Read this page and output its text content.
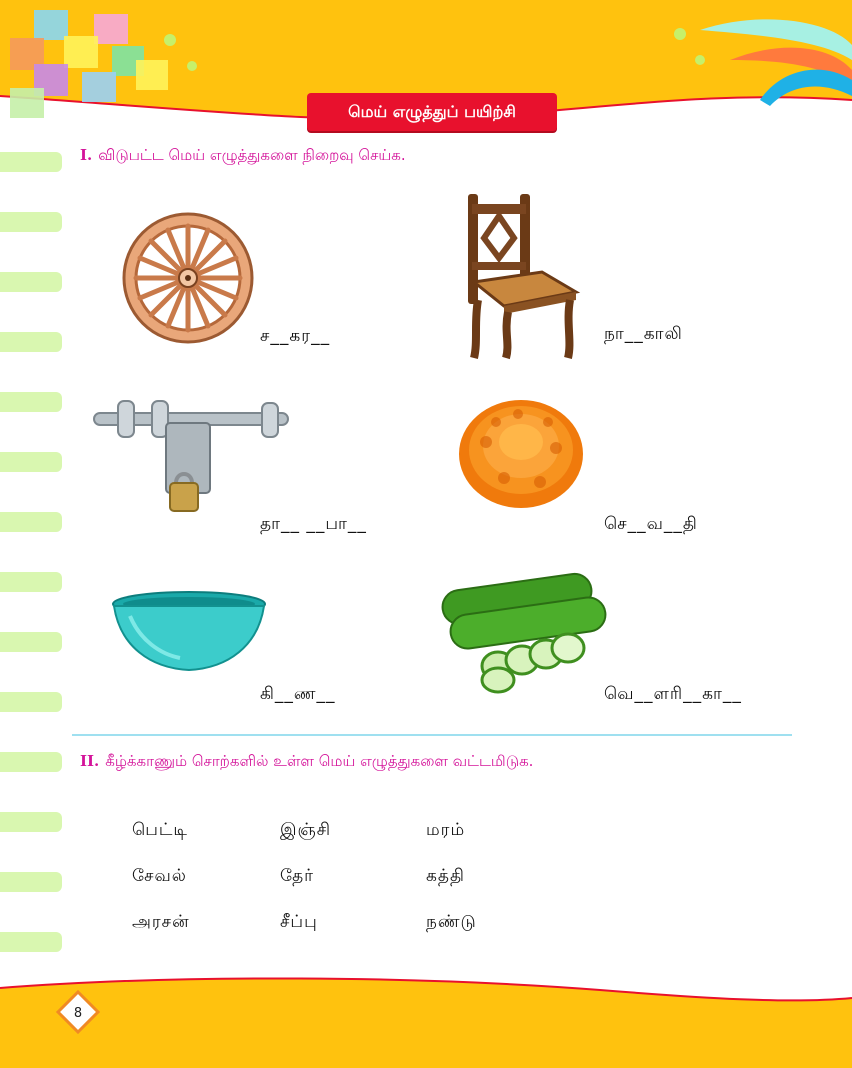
மெய் எழுத்துப் பயிற்சி
I. விடுபட்ட மெய் எழுத்துகளை நிறைவு செய்க.
ச__கர__	நா__காலி
தா__ __பா__	செ__வ__தி
கி__ண__	வெ__ளரி__கா__
II. கீழ்க்காணும் சொற்களில் உள்ள மெய் எழுத்துகளை வட்டமிடுக.
பெட்டி	இஞ்சி	மரம்
சேவல்	தேர்	கத்தி
அரசன்	சீப்பு	நண்டு
8
